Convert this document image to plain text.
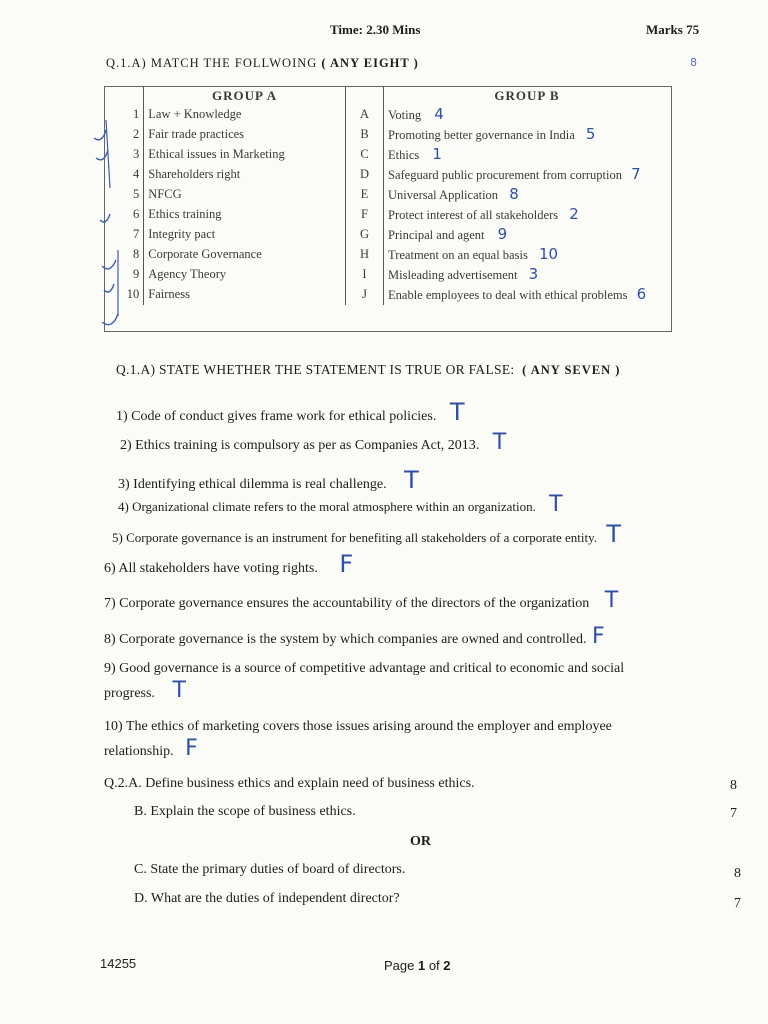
Time: 2.30 Mins	Marks 75
8
Q.1.A) MATCH THE FOLLWOING ( ANY EIGHT )
	GROUP A		GROUP B
1	Law + Knowledge	A	Voting 4
2	Fair trade practices	B	Promoting better governance in India 5
3	Ethical issues in Marketing	C	Ethics 1
4	Shareholders right	D	Safeguard public procurement from corruption 7
5	NFCG	E	Universal Application 8
6	Ethics training	F	Protect interest of all stakeholders 2
7	Integrity pact	G	Principal and agent 9
8	Corporate Governance	H	Treatment on an equal basis 10
9	Agency Theory	I	Misleading advertisement 3
10	Fairness	J	Enable employees to deal with ethical problems 6
Q.1.A) STATE WHETHER THE STATEMENT IS TRUE OR FALSE: ( ANY SEVEN )
1) Code of conduct gives frame work for ethical policies. T
2) Ethics training is compulsory as per as Companies Act, 2013. T
3) Identifying ethical dilemma is real challenge. T
4) Organizational climate refers to the moral atmosphere within an organization. T
5) Corporate governance is an instrument for benefiting all stakeholders of a corporate entity. T
6) All stakeholders have voting rights. F
7) Corporate governance ensures the accountability of the directors of the organization T
8) Corporate governance is the system by which companies are owned and controlled. F
9) Good governance is a source of competitive advantage and critical to economic and social
progress. T
10) The ethics of marketing covers those issues arising around the employer and employee
relationship. F
Q.2.A. Define business ethics and explain need of business ethics.	8
B. Explain the scope of business ethics.	7
OR
C. State the primary duties of board of directors.	8
D. What are the duties of independent director?	7
14255	Page 1 of 2
